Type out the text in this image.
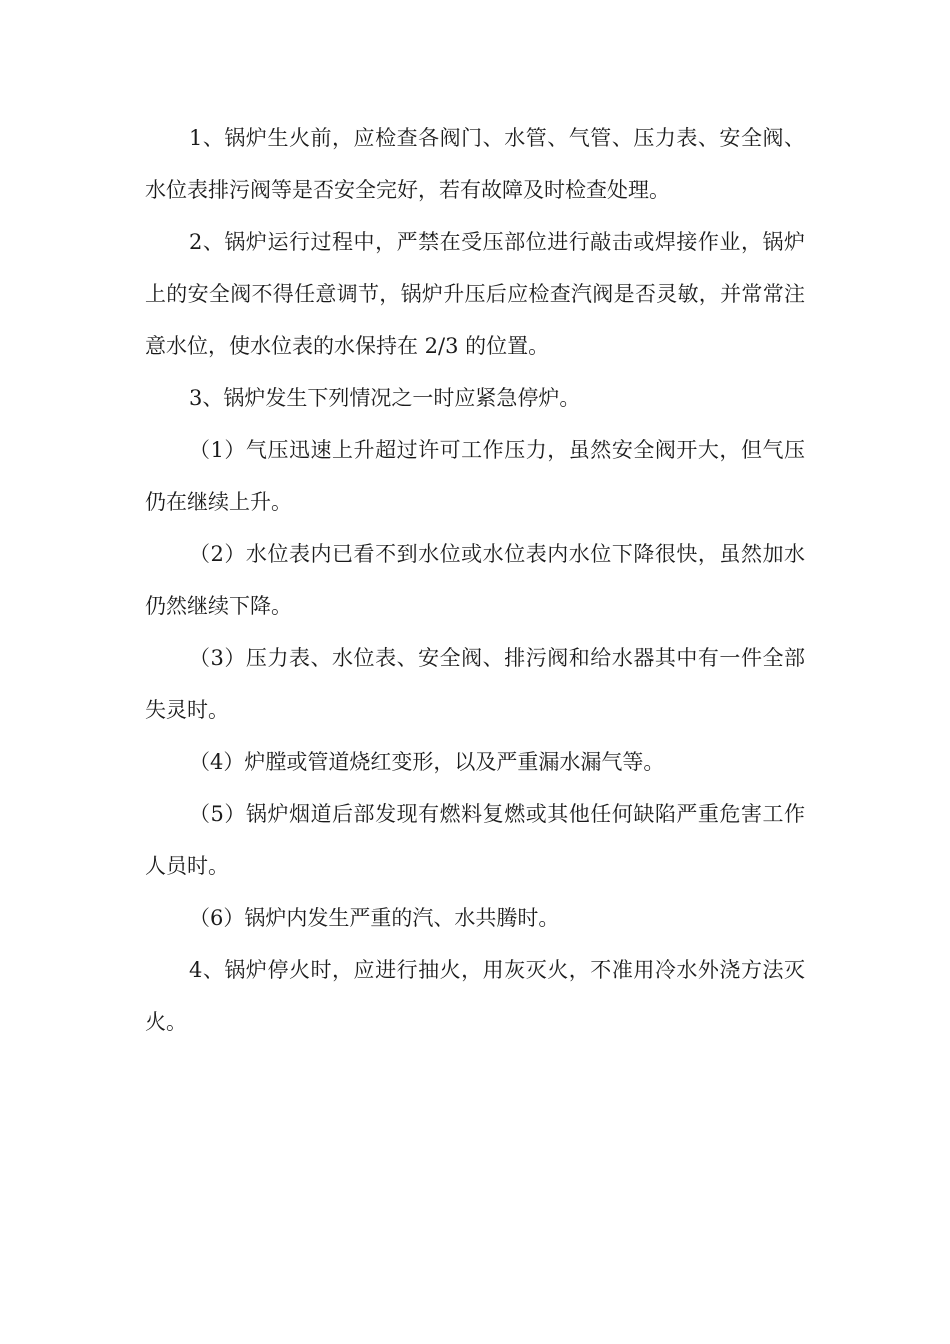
1、锅炉生火前，应检查各阀门、水管、气管、压力表、安全阀、水位表排污阀等是否安全完好，若有故障及时检查处理。

2、锅炉运行过程中，严禁在受压部位进行敲击或焊接作业，锅炉上的安全阀不得任意调节，锅炉升压后应检查汽阀是否灵敏，并常常注意水位，使水位表的水保持在 2/3 的位置。

3、锅炉发生下列情况之一时应紧急停炉。

（1）气压迅速上升超过许可工作压力，虽然安全阀开大，但气压仍在继续上升。

（2）水位表内已看不到水位或水位表内水位下降很快，虽然加水仍然继续下降。

（3）压力表、水位表、安全阀、排污阀和给水器其中有一件全部失灵时。

（4）炉膛或管道烧红变形，以及严重漏水漏气等。

（5）锅炉烟道后部发现有燃料复燃或其他任何缺陷严重危害工作人员时。

（6）锅炉内发生严重的汽、水共腾时。

4、锅炉停火时，应进行抽火，用灰灭火，不准用冷水外浇方法灭火。
